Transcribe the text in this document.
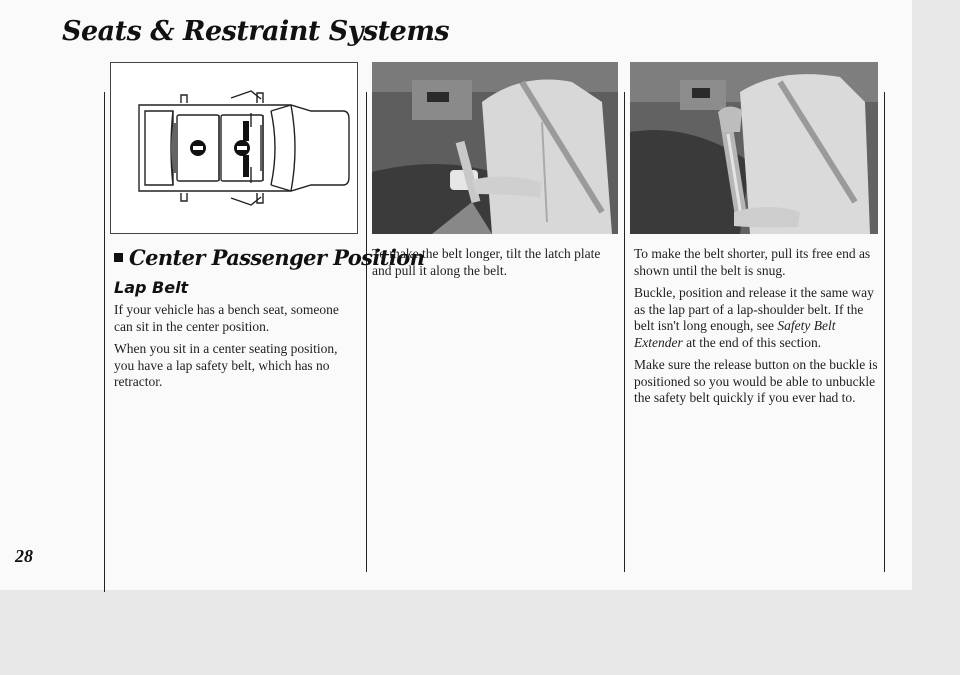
Seats & Restraint Systems
28
Center Passenger Position
Lap Belt

If your vehicle has a bench seat, someone can sit in the center position.

When you sit in a center seating position, you have a lap safety belt, which has no retractor.

To make the belt longer, tilt the latch plate and pull it along the belt.

To make the belt shorter, pull its free end as shown until the belt is snug.

Buckle, position and release it the same way as the lap part of a lap-shoulder belt. If the belt isn't long enough, see Safety Belt Extender at the end of this section.

Make sure the release button on the buckle is positioned so you would be able to unbuckle the safety belt quickly if you ever had to.
